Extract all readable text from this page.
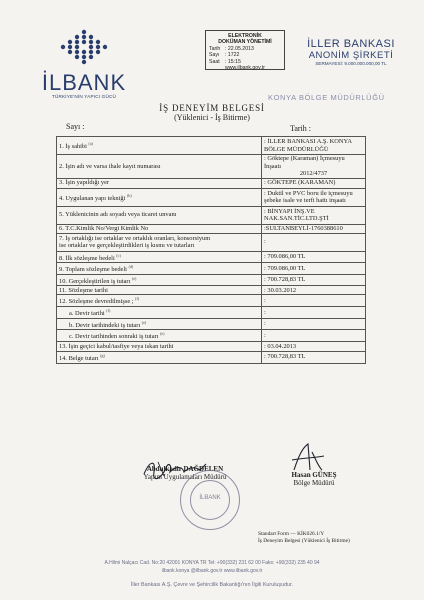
İLBANK
TÜRKİYE'NİN YAPICI GÜCÜ
ELEKTRONİK
DOKÜMAN YÖNETİMİ
Tarih : 22.05.2013
Sayı : 1722
Saat : 15:15
www.ilbank.gov.tr
İLLER BANKASI
ANONİM ŞİRKETİ
SERMAYESİ: 9.000.000.000,00 TL
KONYA BÖLGE MÜDÜRLÜĞÜ
İŞ DENEYİM BELGESİ
(Yüklenici - İş Bitirme)
Sayı :	Tarih :
1. İş sahibi $^{(a)}$	: İLLER BANKASI A.Ş. KONYA
BÖLGE MÜDÜRLÜĞÜ
2. İşin adı ve varsa ihale kayıt numarası	: Göktepe (Karaman) İçmesuyu İnşaatı
2012/4737

3. İşin yapıldığı yer	: GÖKTEPE (KARAMAN)
4. Uygulanan yapı tekniği $^{(b)}$	: Duktil ve PVC boru ile içmesuyu
şebeke isale ve terfi hattı inşaatı
5. Yüklenicinin adı soyadı veya ticaret unvanı	: BİNYAPI İNŞ.VE
NAK.SAN.TİC.LTD.ŞTİ
6. T.C.Kimlik No/Vergi Kimlik No	:SULTANBEYLİ-1760388610
7. İş ortaklığı ise ortaklar ve ortaklık oranları, konsorsiyum
ise ortaklar ve gerçekleştirdikleri iş kısmı ve tutarları	:
8. İlk sözleşme bedeli $^{(c)}$	: 709.086,00 TL
9. Toplam sözleşme bedeli $^{(d)}$	: 709.086,00 TL
10. Gerçekleştirilen iş tutarı $^{(e)}$	: 700.728,83 TL
11. Sözleşme tarihi	: 30.03.2012
12. Sözleşme devredilmişse ; $^{(f)}$	:
a. Devir tarihi $^{(f)}$	:
b. Devir tarihindeki iş tutarı $^{(e)}$	:
c. Devir tarihinden sonraki iş tutarı $^{(e)}$	:
13. İşin geçici kabul/tasfiye veya iskan tarihi	: 03.04.2013
14. Belge tutarı $^{(g)}$	: 700.728,83 TL
Abdulkadir DAĞDELEN
Yapım Uygulamaları Müdürü	Hasan GÜNEŞ
Bölge Müdürü
İLBANK
Standart Form — KİK026.1/Y
İş Deneyim Belgesi (Yüklenici İş Bitirme)
A.Hilmi Nalçacı Cad. No:20 42001 KONYA TR Tel: +90(332) 231 62 00 Faks: +90(332) 235 40 94
ilbank.konya @ilbank.gov.tr www.ilbank.gov.tr
İller Bankası A.Ş. Çevre ve Şehircilik Bakanlığı'nın İlgili Kuruluşudur.
